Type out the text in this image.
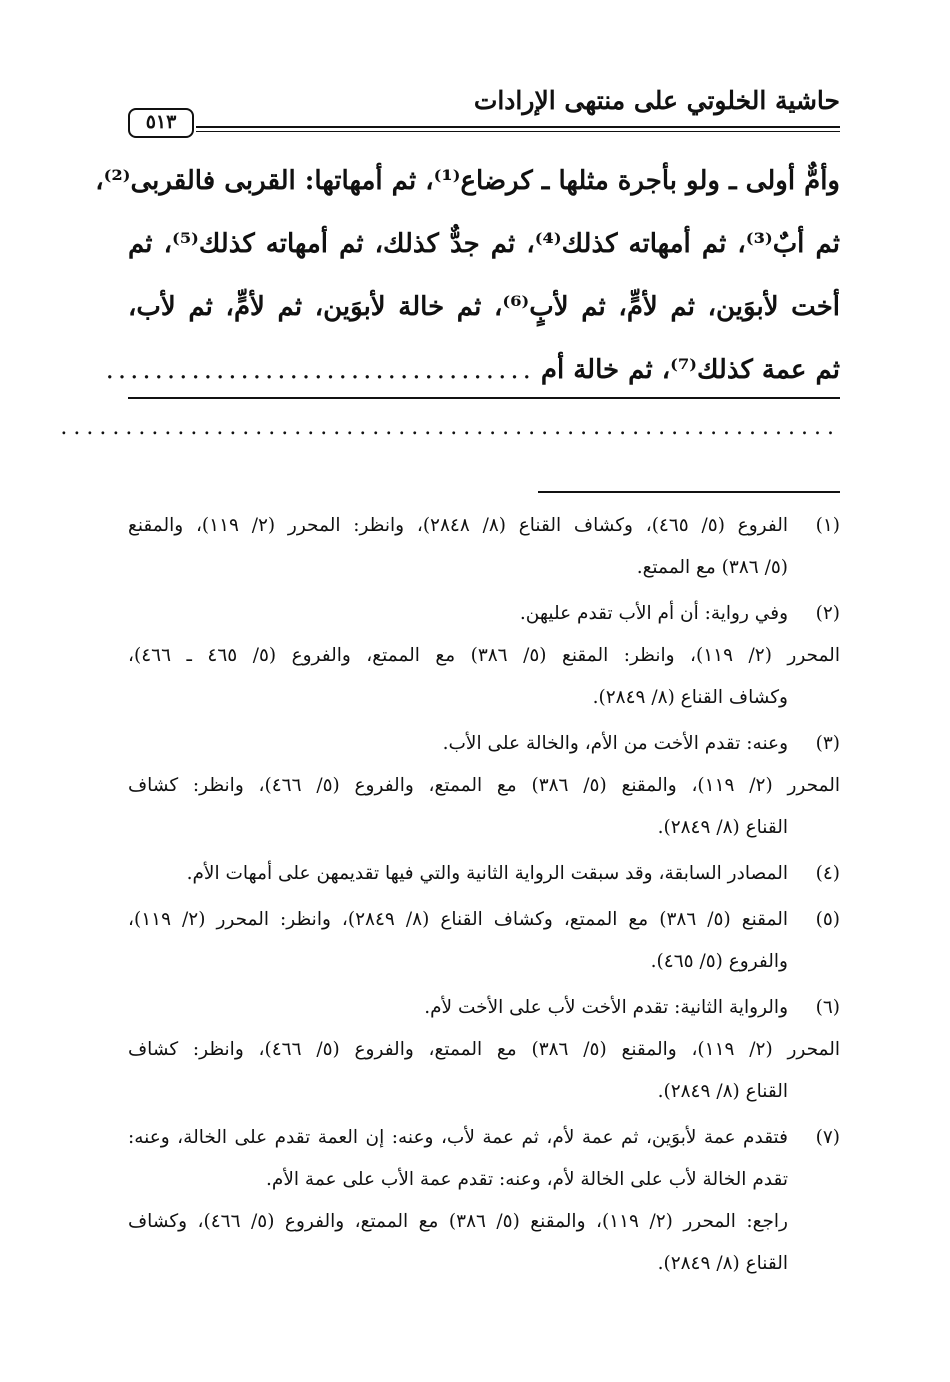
حاشية الخلوتي على منتهى الإرادات
٥١٣
وأمٌّ أولى ـ ولو بأجرة مثلها ـ كرضاع⁽¹⁾، ثم أمهاتها: القربى فالقربى⁽²⁾،
ثم أبٌ⁽³⁾، ثم أمهاته كذلك⁽⁴⁾، ثم جدٌّ كذلك، ثم أمهاته كذلك⁽⁵⁾، ثم
أخت لأبوَين، ثم لأمٍّ، ثم لأبٍ⁽⁶⁾، ثم خالة لأبوَين، ثم لأمٍّ، ثم لأب،
ثم عمة كذلك⁽⁷⁾، ثم خالة أم
...................................
............................................................
(١)
الفروع (٥/ ٤٦٥)، وكشاف القناع (٨/ ٢٨٤٨)، وانظر: المحرر (٢/ ١١٩)، والمقنع
(٥/ ٣٨٦) مع الممتع.
(٢)
وفي رواية: أن أم الأب تقدم عليهن.
المحرر (٢/ ١١٩)، وانظر: المقنع (٥/ ٣٨٦) مع الممتع، والفروع (٥/ ٤٦٥ ـ ٤٦٦)،
وكشاف القناع (٨/ ٢٨٤٩).
(٣)
وعنه: تقدم الأخت من الأم، والخالة على الأب.
المحرر (٢/ ١١٩)، والمقنع (٥/ ٣٨٦) مع الممتع، والفروع (٥/ ٤٦٦)، وانظر: كشاف
القناع (٨/ ٢٨٤٩).
(٤)
المصادر السابقة، وقد سبقت الرواية الثانية والتي فيها تقديمهن على أمهات الأم.
(٥)
المقنع (٥/ ٣٨٦) مع الممتع، وكشاف القناع (٨/ ٢٨٤٩)، وانظر: المحرر (٢/ ١١٩)،
والفروع (٥/ ٤٦٥).
(٦)
والرواية الثانية: تقدم الأخت لأب على الأخت لأم.
المحرر (٢/ ١١٩)، والمقنع (٥/ ٣٨٦) مع الممتع، والفروع (٥/ ٤٦٦)، وانظر: كشاف
القناع (٨/ ٢٨٤٩).
(٧)
فتقدم عمة لأبوَين، ثم عمة لأم، ثم عمة لأب، وعنه: إن العمة تقدم على الخالة، وعنه:
تقدم الخالة لأب على الخالة لأم، وعنه: تقدم عمة الأب على عمة الأم.
راجع: المحرر (٢/ ١١٩)، والمقنع (٥/ ٣٨٦) مع الممتع، والفروع (٥/ ٤٦٦)، وكشاف
القناع (٨/ ٢٨٤٩).
